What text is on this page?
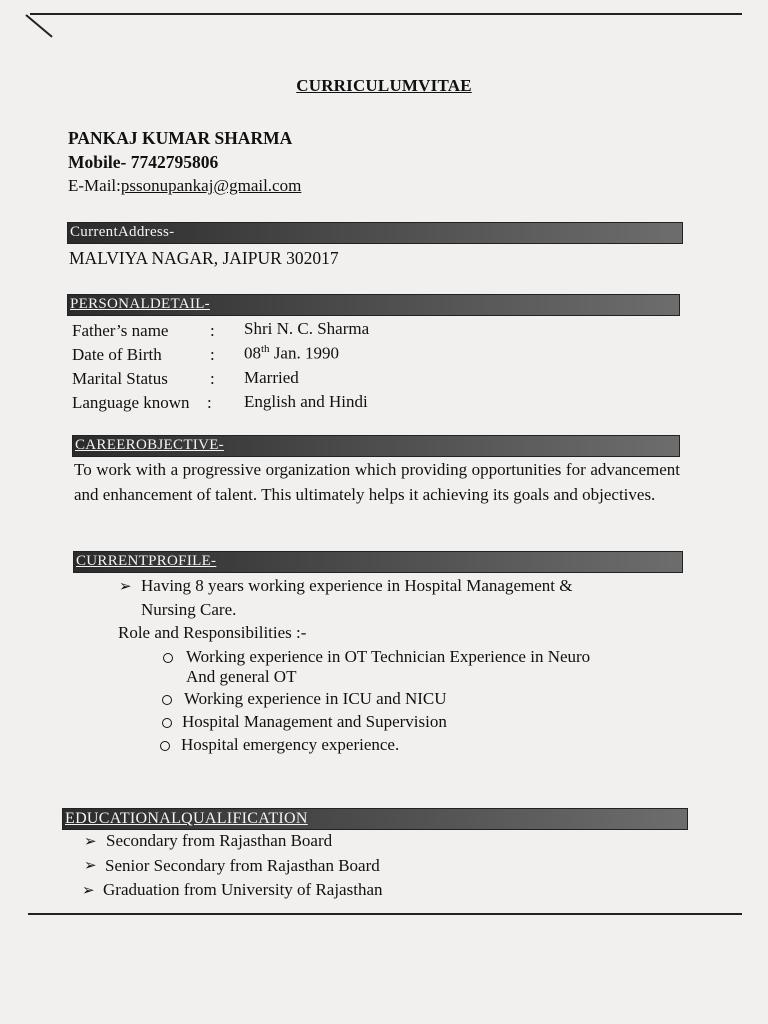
CURRICULUMVITAE
PANKAJ KUMAR SHARMA
Mobile- 7742795806
E-Mail:pssonupankaj@gmail.com
CurrentAddress-
MALVIYA NAGAR, JAIPUR 302017
PERSONALDETAIL-
Father’s name : Shri N. C. Sharma
Date of Birth	: 08th Jan. 1990
Marital Status : Married
Language known : English and Hindi
CAREEROBJECTIVE-
To work with a progressive organization which providing opportunities for advancement and enhancement of talent. This ultimately helps it achieving its goals and objectives.
CURRENTPROFILE-
➢ Having 8 years working experience in Hospital Management &
Nursing Care.
Role and Responsibilities :-
Working experience in OT Technician Experience in Neuro
And general OT
Working experience in ICU and NICU
Hospital Management and Supervision
Hospital emergency experience.
EDUCATIONALQUALIFICATION
➢ Secondary from Rajasthan Board
➢ Senior Secondary from Rajasthan Board
➢ Graduation from University of Rajasthan
